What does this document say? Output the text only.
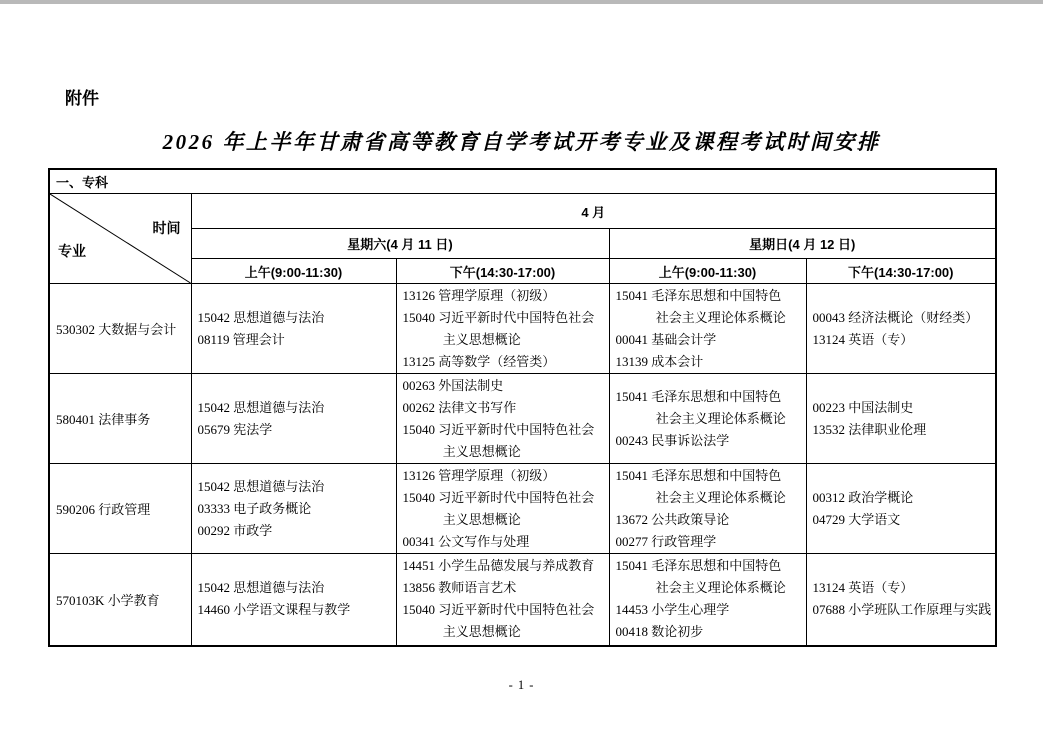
附件
2026 年上半年甘肃省高等教育自学考试开考专业及课程考试时间安排
一、专科				

时间
专业	4 月			
	星期六(4 月 11 日)		星期日(4 月 12 日)	
	上午(9:00-11:30)	下午(14:30-17:00)	上午(9:00-11:30)	下午(14:30-17:00)
530302 大数据与会计	
15042 思想道德与法治
08119 管理会计

13126 管理学原理（初级）
15040 习近平新时代中国特色社会
主义思想概论
13125 高等数学（经管类）

15041 毛泽东思想和中国特色
社会主义理论体系概论
00041 基础会计学
13139 成本会计

00043 经济法概论（财经类）
13124 英语（专）

580401 法律事务	
15042 思想道德与法治
05679 宪法学

00263 外国法制史
00262 法律文书写作
15040 习近平新时代中国特色社会
主义思想概论

15041 毛泽东思想和中国特色
社会主义理论体系概论
00243 民事诉讼法学

00223 中国法制史
13532 法律职业伦理

590206 行政管理	
15042 思想道德与法治
03333 电子政务概论
00292 市政学

13126 管理学原理（初级）
15040 习近平新时代中国特色社会
主义思想概论
00341 公文写作与处理

15041 毛泽东思想和中国特色
社会主义理论体系概论
13672 公共政策导论
00277 行政管理学

00312 政治学概论
04729 大学语文

570103K 小学教育	
15042 思想道德与法治
14460 小学语文课程与教学

14451 小学生品德发展与养成教育
13856 教师语言艺术
15040 习近平新时代中国特色社会
主义思想概论

15041 毛泽东思想和中国特色
社会主义理论体系概论
14453 小学生心理学
00418 数论初步

13124 英语（专）
07688 小学班队工作原理与实践
- 1 -
